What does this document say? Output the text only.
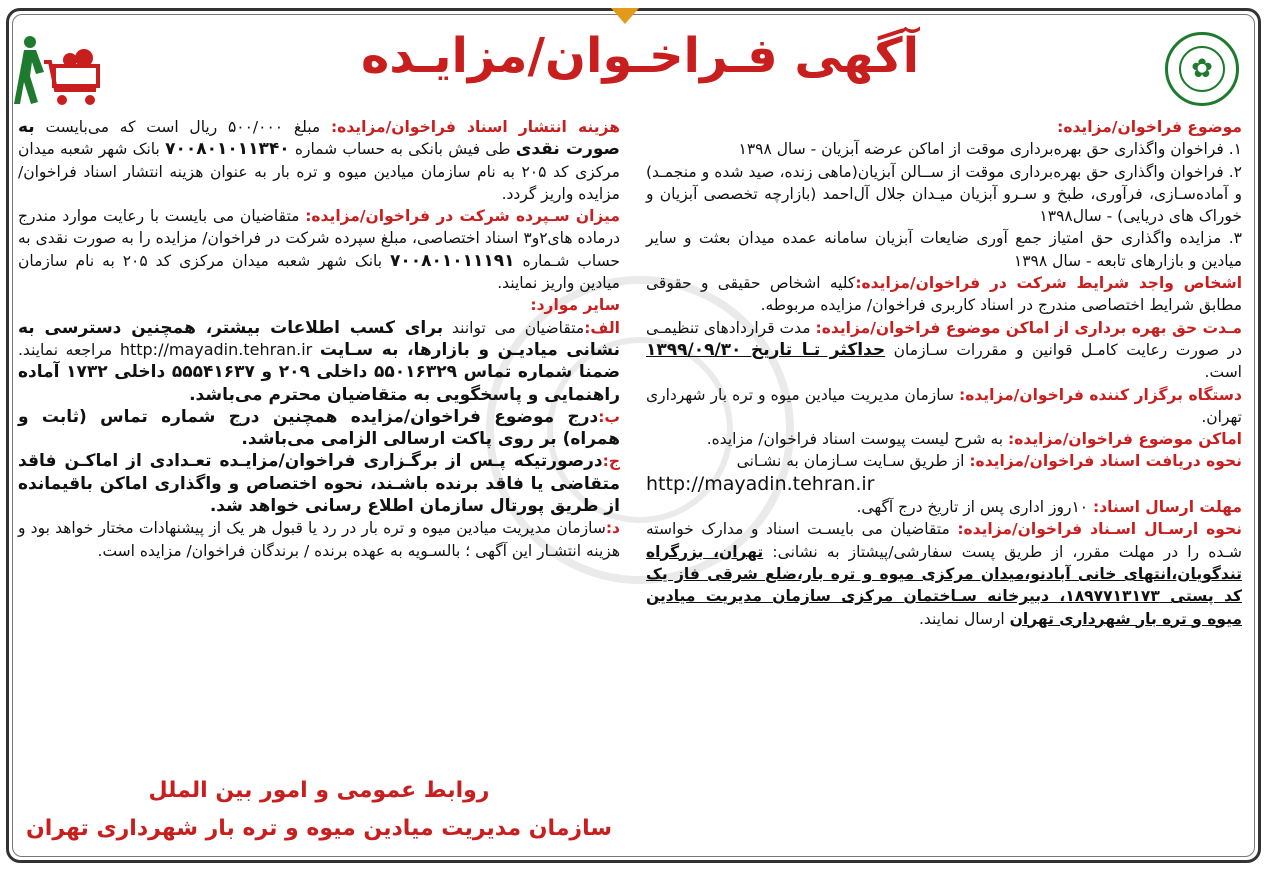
آگهی فـراخـوان/مزایـده	✿

موضوع فراخوان/مزایده:

۱. فراخوان واگذاری حق بهره‌برداری موقت از اماکن عرضه آبزیان - سال ۱۳۹۸

۲. فراخوان واگذاری حق بهره‌برداری موقت از ســالن آبزیان(ماهی زنده، صید شده و منجمـد) و آماده‌سـازی، فرآوری، طبخ و سـرو آبزیان میـدان جلال آل‌احمد (بازارچه تخصصی آبزیان و خوراک های دریایی) - سال۱۳۹۸

۳. مزایده واگذاری حق امتیاز جمع آوری ضایعات آبزیان سامانه عمده میدان بعثت و سایر میادین و بازارهای تابعه - سال ۱۳۹۸

اشخاص واجد شرایط شرکت در فراخوان/مزایده:کلیه اشخاص حقیقی و حقوقی مطابق شرایط اختصاصی مندرج در اسناد کاربری فراخوان/ مزایده مربوطه.

مـدت حق بهره برداری از اماکن موضوع فراخوان/مزایده: مدت قراردادهای تنظیمـی در صورت رعایت کامـل قوانین و مقررات سـازمان حداکثر تـا تاریخ ۱۳۹۹/۰۹/۳۰ است.

دستگاه برگزار کننده فراخوان/مزایده: سازمان مدیریت میادین میوه و تره بار شهرداری تهران.

اماکن موضوع فراخوان/مزایده: به شرح لیست پیوست اسناد فراخوان/ مزایده.

نحوه دریافت اسناد فراخوان/مزایده: از طریق سـایت سـازمان به نشـانی

http://mayadin.tehran.ir

مهلت ارسال اسناد: ۱۰روز اداری پس از تاریخ درج آگهی.

نحوه ارسـال اسـناد فراخوان/مزایده: متقاضیان می بایسـت اسناد و مدارک خواسته شـده را در مهلت مقرر، از طریق پست سفارشی/پیشتاز به نشانی: تهران، بزرگراه تندگویان،انتهای خانی آبادنو،میدان مرکزی میوه و تره بار،ضلع شرقی فاز یک کد پستی ۱۸۹۷۷۱۳۱۷۳، دبیرخانه سـاختمان مرکزی سازمان مدیریت میادین میوه و تره بار شهرداری تهران ارسال نمایند.

هزینه انتشار اسناد فراخوان/مزایده: مبلغ ۵۰۰/۰۰۰ ریال است که می‌بایست به صورت نقدی طی فیش بانکی به حساب شماره ۷۰۰۸۰۱۰۱۱۳۴۰ بانک شهر شعبه میدان مرکزی کد ۲۰۵ به نام سازمان میادین میوه و تره بار به عنوان هزینه انتشار اسناد فراخوان/ مزایده واریز گردد.

میزان سـپرده شرکت در فراخوان/مزایده: متقاضیان می بایست با رعایت موارد مندرج درماده های۲و۳ اسناد اختصاصی، مبلغ سپرده شرکت در فراخوان/ مزایده را به صورت نقدی به حساب شـماره ۷۰۰۸۰۱۰۱۱۱۹۱ بانک شهر شعبه میدان مرکزی کد ۲۰۵ به نام سازمان میادین واریز نمایند.

سایر موارد:

الف:متقاضیان می توانند برای کسب اطلاعات بیشتر، همچنین دسترسی به نشانی میادیـن و بازارها، به سـایت http://mayadin.tehran.ir مراجعه نمایند. ضمنا شماره تماس ۵۵۰۱۶۳۲۹ داخلی ۲۰۹ و ۵۵۵۴۱۶۳۷ داخلی ۱۷۳۲ آماده راهنمایی و پاسخگویی به متقاضیان محترم می‌باشد.

ب:درج موضوع فراخوان/مزایده همچنین درج شماره تماس (ثابت و همراه) بر روی پاکت ارسالی الزامی می‌باشد.

ج:درصورتیکه پـس از برگـزاری فراخوان/مزایـده تعـدادی از اماکـن فاقد متقاضی یا فاقد برنده باشـند، نحوه اختصاص و واگذاری اماکن باقیمانده از طریق پورتال سازمان اطلاع رسانی خواهد شد.

د:سازمان مدیریت میادین میوه و تره بار در رد یا قبول هر یک از پیشنهادات مختار خواهد بود و هزینه انتشـار این آگهی ؛ بالسـویه به عهده برنده / برندگان فراخوان/ مزایده است.

روابط عمومی و امور بین الملل
سازمان مدیریت میادین میوه و تره بار شهرداری تهران
